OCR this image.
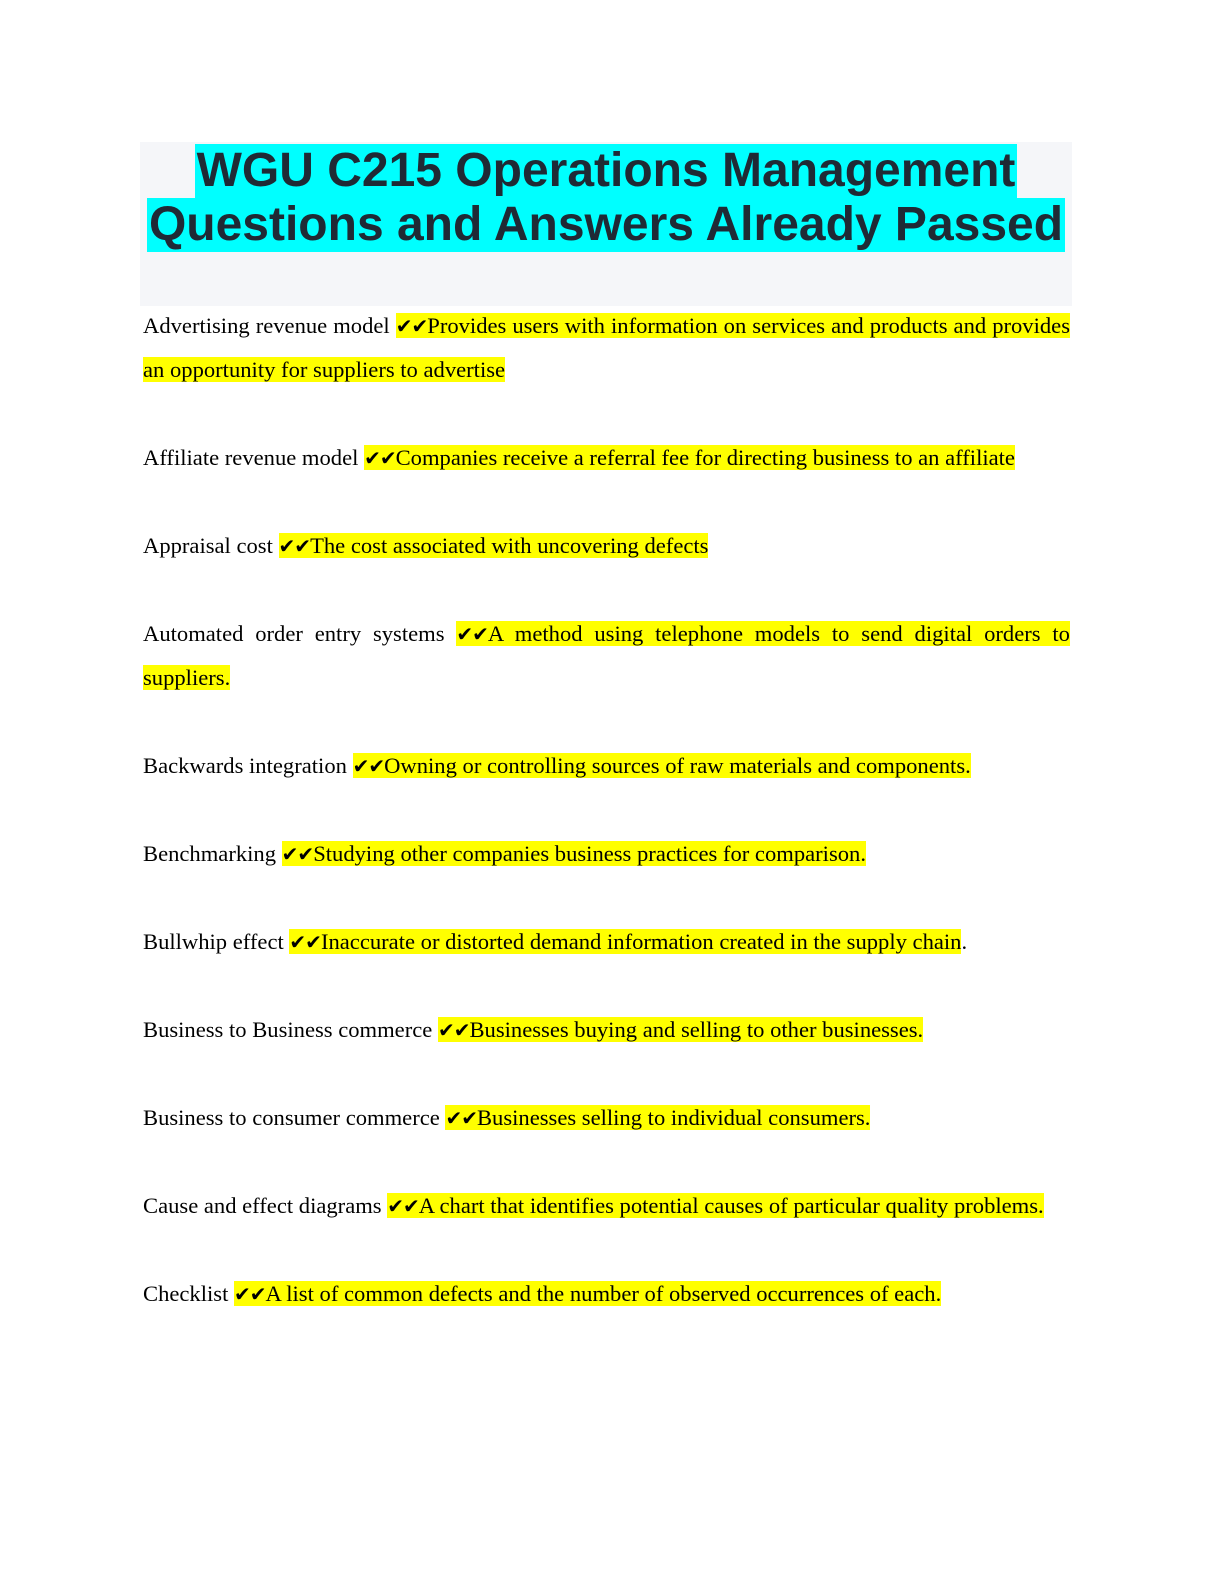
WGU C215 Operations Management
Questions and Answers Already Passed

Advertising revenue model ✔✔Provides users with information on services and products and provides an opportunity for suppliers to advertise

Affiliate revenue model ✔✔Companies receive a referral fee for directing business to an affiliate

Appraisal cost ✔✔The cost associated with uncovering defects

Automated order entry systems ✔✔A method using telephone models to send digital orders to suppliers.

Backwards integration ✔✔Owning or controlling sources of raw materials and components.

Benchmarking ✔✔Studying other companies business practices for comparison.

Bullwhip effect ✔✔Inaccurate or distorted demand information created in the supply chain.

Business to Business commerce ✔✔Businesses buying and selling to other businesses.

Business to consumer commerce ✔✔Businesses selling to individual consumers.

Cause and effect diagrams ✔✔A chart that identifies potential causes of particular quality problems.

Checklist ✔✔A list of common defects and the number of observed occurrences of each.
